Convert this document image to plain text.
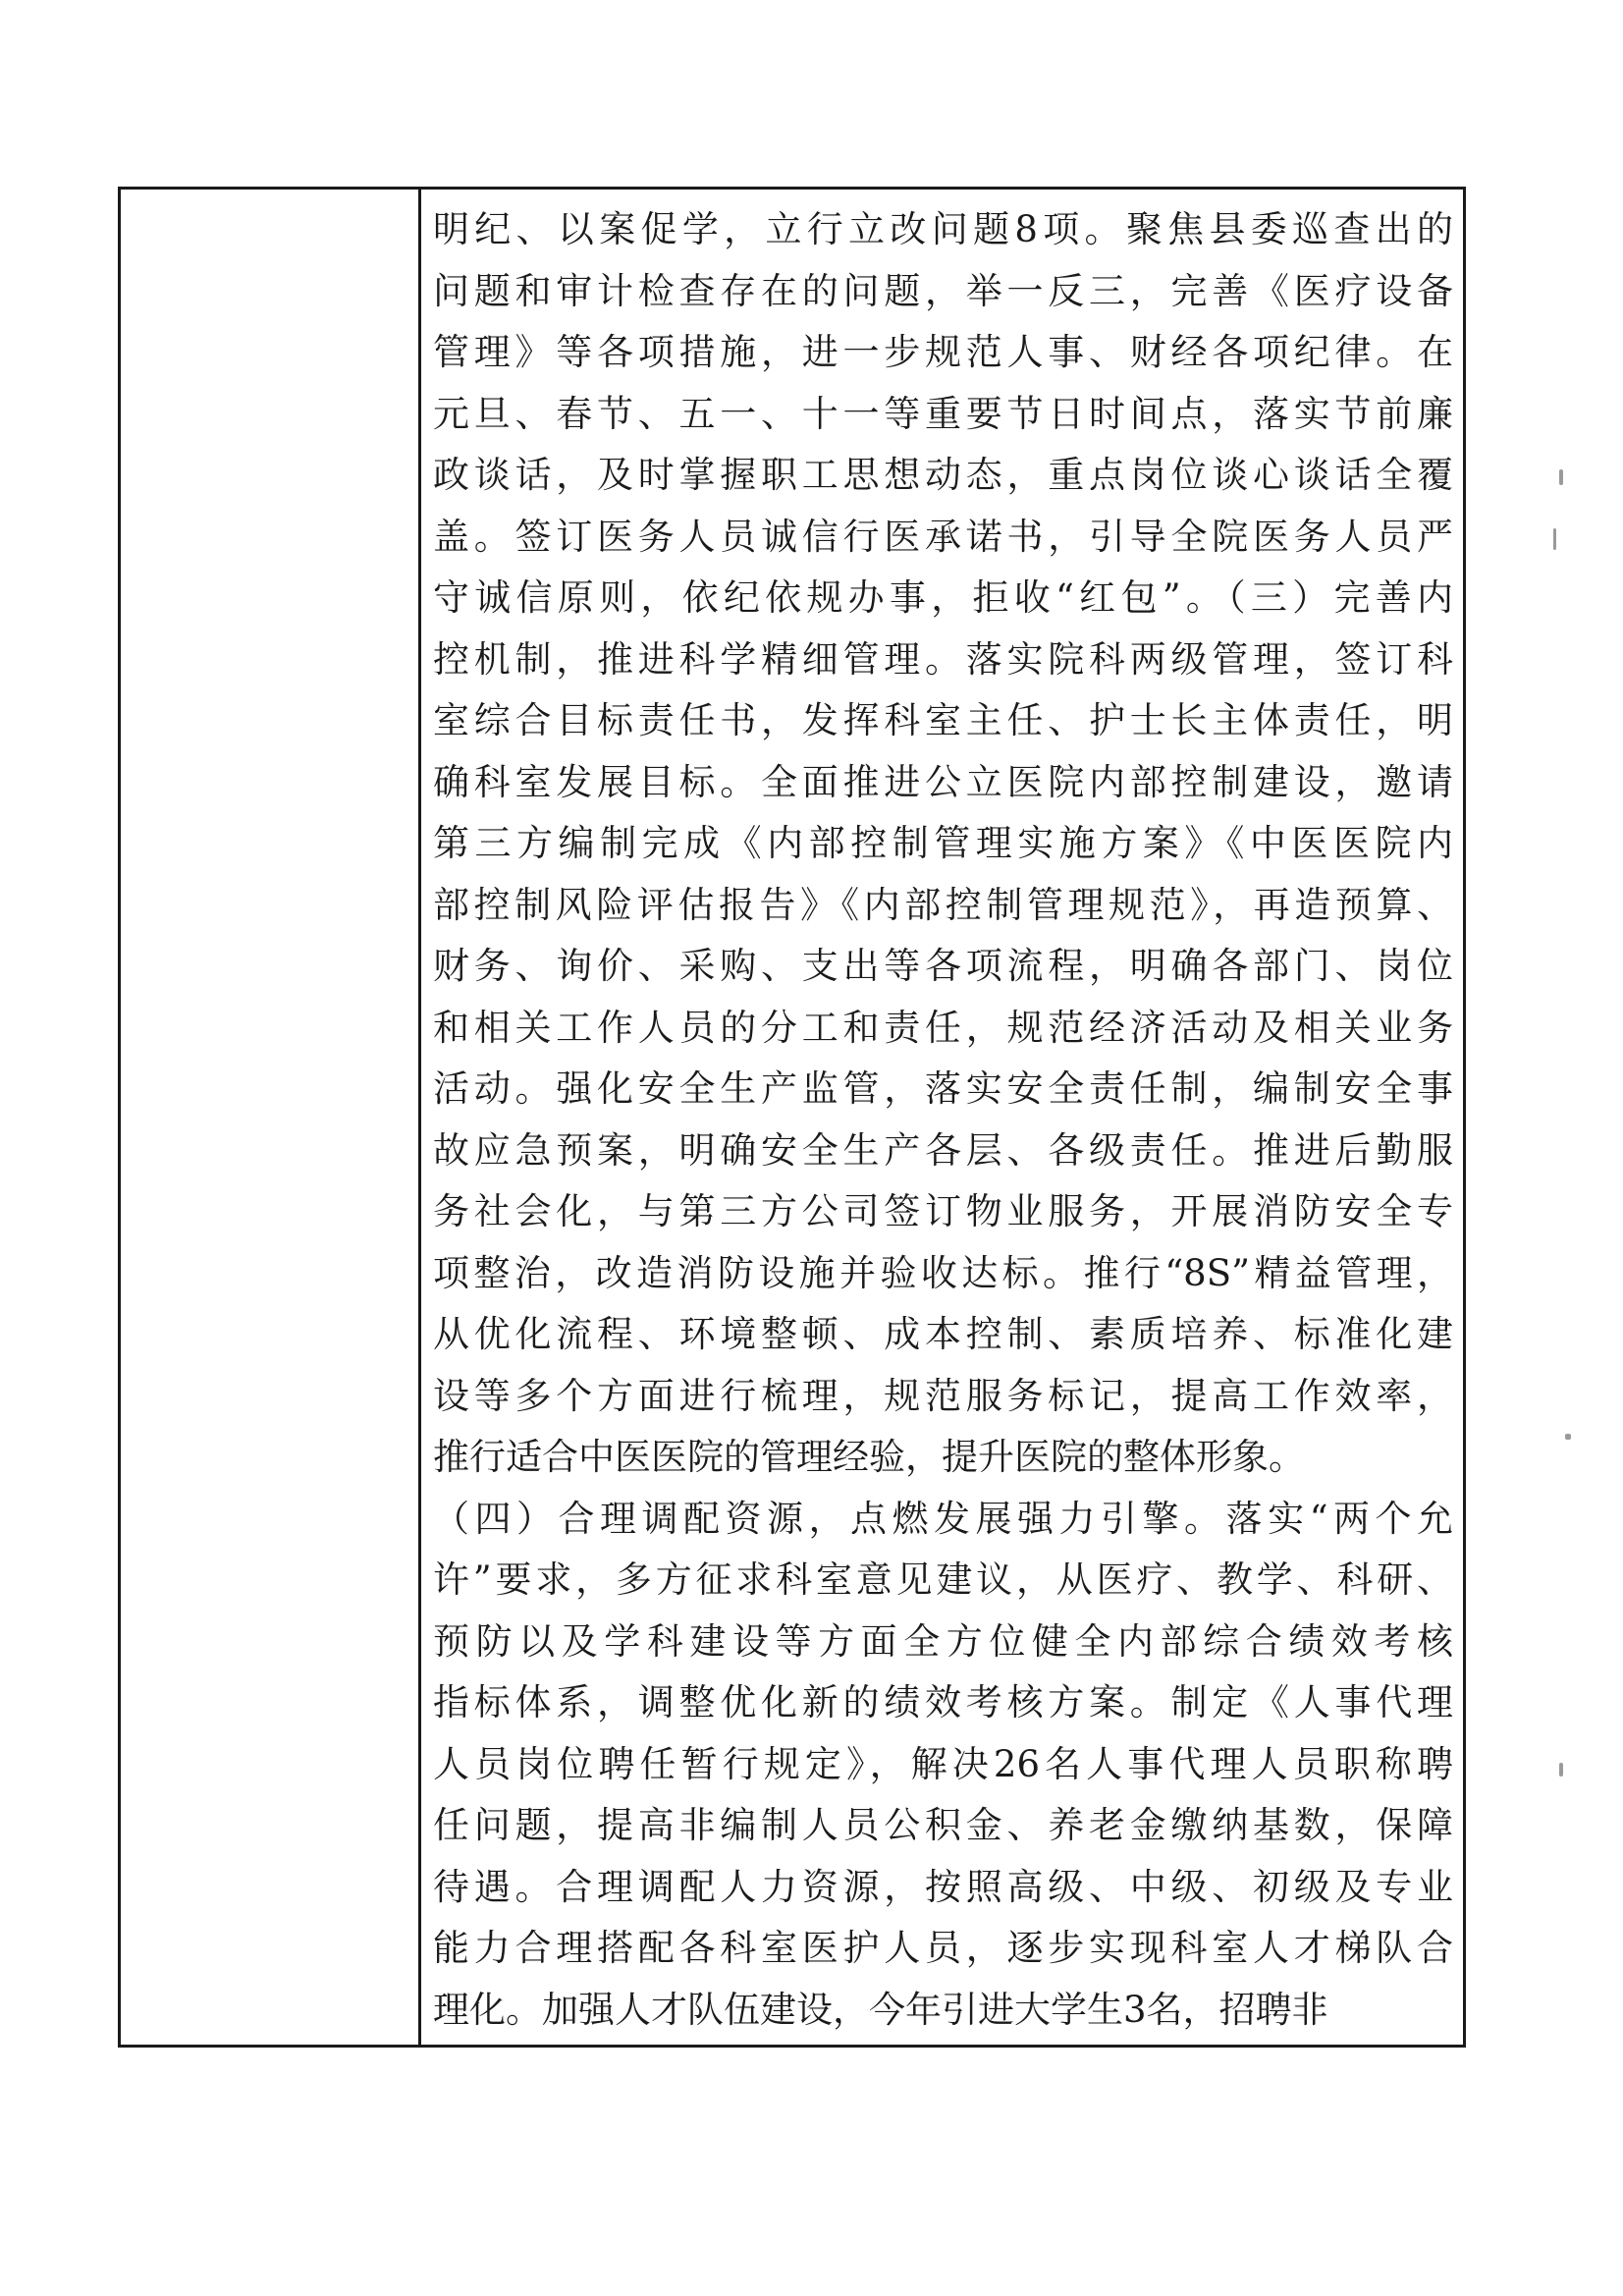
明纪、以案促学，立行立改问题8项。聚焦县委巡查出的
问题和审计检查存在的问题，举一反三，完善《医疗设备
管理》等各项措施，进一步规范人事、财经各项纪律。在
元旦、春节、五一、十一等重要节日时间点，落实节前廉
政谈话，及时掌握职工思想动态，重点岗位谈心谈话全覆
盖。签订医务人员诚信行医承诺书，引导全院医务人员严
守诚信原则，依纪依规办事，拒收“红包”。（三）完善内
控机制，推进科学精细管理。落实院科两级管理，签订科
室综合目标责任书，发挥科室主任、护士长主体责任，明
确科室发展目标。全面推进公立医院内部控制建设，邀请
第三方编制完成《内部控制管理实施方案》《中医医院内
部控制风险评估报告》《内部控制管理规范》，再造预算、
财务、询价、采购、支出等各项流程，明确各部门、岗位
和相关工作人员的分工和责任，规范经济活动及相关业务
活动。强化安全生产监管，落实安全责任制，编制安全事
故应急预案，明确安全生产各层、各级责任。推进后勤服
务社会化，与第三方公司签订物业服务，开展消防安全专
项整治，改造消防设施并验收达标。推行“8S”精益管理，
从优化流程、环境整顿、成本控制、素质培养、标准化建
设等多个方面进行梳理，规范服务标记，提高工作效率，
推行适合中医医院的管理经验，提升医院的整体形象。
（四）合理调配资源，点燃发展强力引擎。落实“两个允
许”要求，多方征求科室意见建议，从医疗、教学、科研、
预防以及学科建设等方面全方位健全内部综合绩效考核
指标体系，调整优化新的绩效考核方案。制定《人事代理
人员岗位聘任暂行规定》，解决26名人事代理人员职称聘
任问题，提高非编制人员公积金、养老金缴纳基数，保障
待遇。合理调配人力资源，按照高级、中级、初级及专业
能力合理搭配各科室医护人员，逐步实现科室人才梯队合
理化。加强人才队伍建设，今年引进大学生3名，招聘非
